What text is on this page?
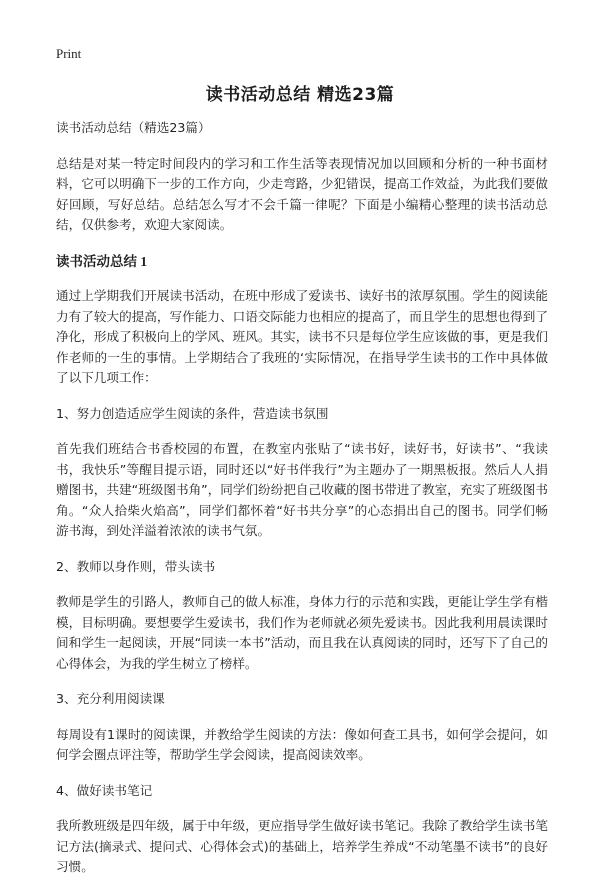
Print
读书活动总结 精选23篇

读书活动总结（精选23篇）

总结是对某一特定时间段内的学习和工作生活等表现情况加以回顾和分析的一种书面材料，它可以明确下一步的工作方向，少走弯路，少犯错误，提高工作效益，为此我们要做好回顾，写好总结。总结怎么写才不会千篇一律呢？下面是小编精心整理的读书活动总结，仅供参考，欢迎大家阅读。

读书活动总结 1

通过上学期我们开展读书活动，在班中形成了爱读书、读好书的浓厚氛围。学生的阅读能力有了较大的提高，写作能力、口语交际能力也相应的提高了，而且学生的思想也得到了净化，形成了积极向上的学风、班风。其实，读书不只是每位学生应该做的事，更是我们作老师的一生的事情。上学期结合了我班的‘实际情况，在指导学生读书的工作中具体做了以下几项工作：

1、努力创造适应学生阅读的条件，营造读书氛围

首先我们班结合书香校园的布置，在教室内张贴了“读书好，读好书，好读书”、“我读书，我快乐”等醒目提示语，同时还以“好书伴我行”为主题办了一期黑板报。然后人人捐赠图书，共建“班级图书角”，同学们纷纷把自己收藏的图书带进了教室，充实了班级图书角。“众人拾柴火焰高”，同学们都怀着“好书共分享”的心态捐出自己的图书。同学们畅游书海，到处洋溢着浓浓的读书气氛。

2、教师以身作则，带头读书

教师是学生的引路人，教师自己的做人标准，身体力行的示范和实践，更能让学生学有楷模，目标明确。要想要学生爱读书，我们作为老师就必须先爱读书。因此我利用晨读课时间和学生一起阅读，开展“同读一本书”活动，而且我在认真阅读的同时，还写下了自己的心得体会，为我的学生树立了榜样。

3、充分利用阅读课

每周设有1课时的阅读课，并教给学生阅读的方法：像如何查工具书，如何学会提问，如何学会圈点评注等，帮助学生学会阅读，提高阅读效率。

4、做好读书笔记

我所教班级是四年级，属于中年级，更应指导学生做好读书笔记。我除了教给学生读书笔记方法(摘录式、提问式、心得体会式)的基础上，培养学生养成“不动笔墨不读书”的良好习惯。
